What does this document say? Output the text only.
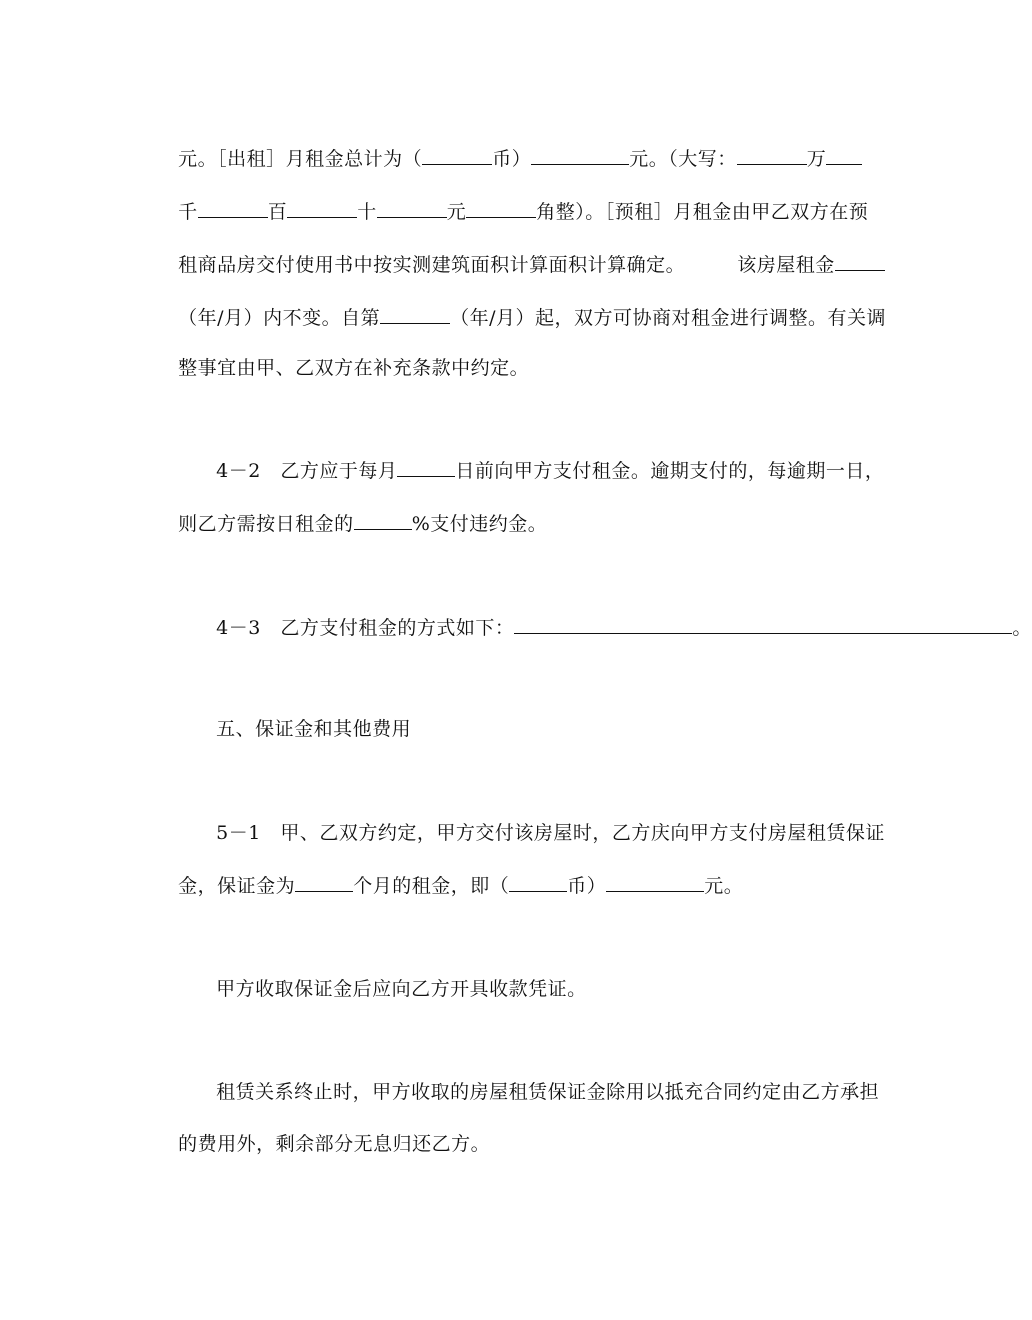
元。［出租］月租金总计为（	币）	元。（大写：	万

千	百	十	元	角整）。［预租］月租金由甲乙双方在预

租商品房交付使用书中按实测建筑面积计算面积计算确定。	该房屋租金

（年/月）内不变。自第	（年/月）起，双方可协商对租金进行调整。有关调

整事宜由甲、乙双方在补充条款中约定。

4－2　乙方应于每月	日前向甲方支付租金。逾期支付的，每逾期一日，

则乙方需按日租金的	%支付违约金。

4－3　乙方支付租金的方式如下：	。

五、保证金和其他费用

5－1　甲、乙双方约定，甲方交付该房屋时，乙方庆向甲方支付房屋租赁保证

金，保证金为	个月的租金，即（	币）	元。

甲方收取保证金后应向乙方开具收款凭证。

租赁关系终止时，甲方收取的房屋租赁保证金除用以抵充合同约定由乙方承担

的费用外，剩余部分无息归还乙方。
